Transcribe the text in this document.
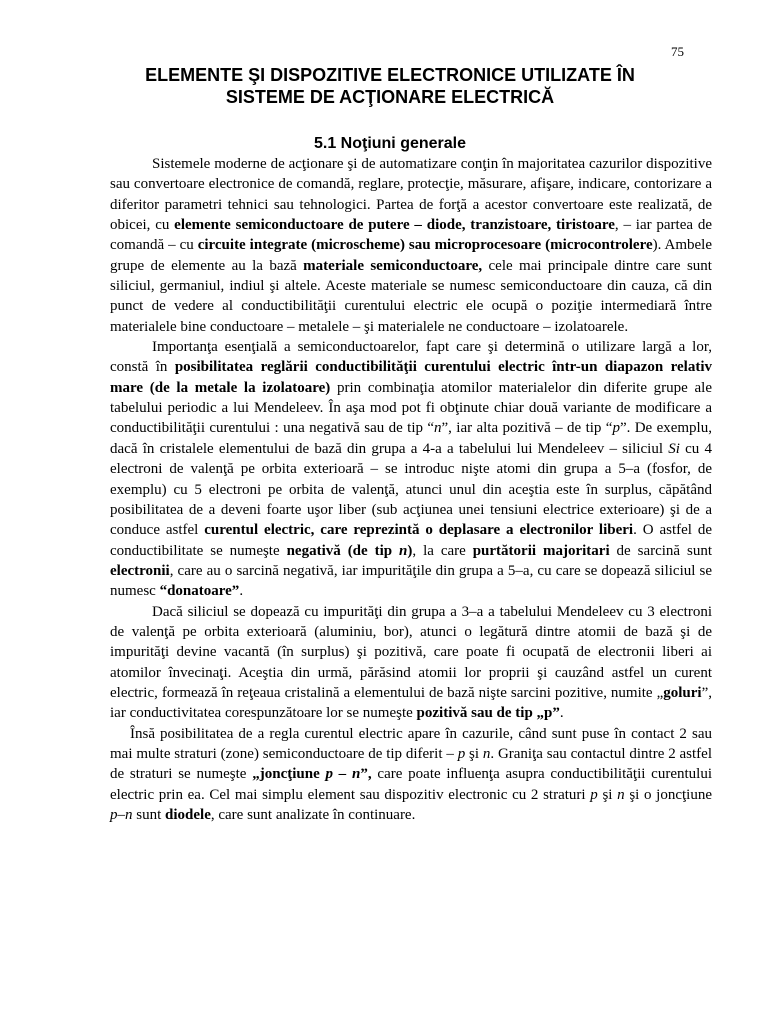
75
ELEMENTE ŞI DISPOZITIVE ELECTRONICE UTILIZATE ÎN
SISTEME DE ACŢIONARE ELECTRICĂ
5.1 Noţiuni generale

Sistemele moderne de acţionare şi de automatizare conţin în majoritatea cazurilor dispozitive sau convertoare electronice de comandă, reglare, protecţie, măsurare, afişare, indicare, contorizare a diferitor parametri tehnici sau tehnologici. Partea de forţă a acestor convertoare este realizată, de obicei, cu elemente semiconductoare de putere – diode, tranzistoare, tiristoare, – iar partea de comandă – cu circuite integrate (microscheme) sau microprocesoare (microcontrolere). Ambele grupe de elemente au la bază materiale semiconductoare, cele mai principale dintre care sunt siliciul, germaniul, indiul şi altele. Aceste materiale se numesc semiconductoare din cauza, că din punct de vedere al conductibilităţii curentului electric ele ocupă o poziţie intermediară între materialele bine conductoare – metalele – şi materialele ne conductoare – izolatoarele.

Importanţa esenţială a semiconductoarelor, fapt care şi determină o utilizare largă a lor, constă în posibilitatea reglării conductibilităţii curentului electric într-un diapazon relativ mare (de la metale la izolatoare) prin combinaţia atomilor materialelor din diferite grupe ale tabelului periodic a lui Mendeleev. În aşa mod pot fi obţinute chiar două variante de modificare a conductibilităţii curentului : una negativă sau de tip “n”, iar alta pozitivă – de tip “p”. De exemplu, dacă în cristalele elementului de bază din grupa a 4-a a tabelului lui Mendeleev – siliciul Si cu 4 electroni de valenţă pe orbita exterioară – se introduc nişte atomi din grupa a 5–a (fosfor, de exemplu) cu 5 electroni pe orbita de valenţă, atunci unul din aceştia este în surplus, căpătând posibilitatea de a deveni foarte uşor liber (sub acţiunea unei tensiuni electrice exterioare) şi de a conduce astfel curentul electric, care reprezintă o deplasare a electronilor liberi. O astfel de conductibilitate se numeşte negativă (de tip n), la care purtătorii majoritari de sarcină sunt electronii, care au o sarcină negativă, iar impurităţile din grupa a 5–a, cu care se dopează siliciul se numesc “donatoare”.

Dacă siliciul se dopează cu impurităţi din grupa a 3–a a tabelului Mendeleev cu 3 electroni de valenţă pe orbita exterioară (aluminiu, bor), atunci o legătură dintre atomii de bază şi de impurităţi devine vacantă (în surplus) şi pozitivă, care poate fi ocupată de electronii liberi ai atomilor învecinaţi. Aceştia din urmă, părăsind atomii lor proprii şi cauzând astfel un curent electric, formează în reţeaua cristalină a elementului de bază nişte sarcini pozitive, numite „goluri”, iar conductivitatea corespunzătoare lor se numeşte pozitivă sau de tip „p”.

Însă posibilitatea de a regla curentul electric apare în cazurile, când sunt puse în contact 2 sau mai multe straturi (zone) semiconductoare de tip diferit – p şi n. Graniţa sau contactul dintre 2 astfel de straturi se numeşte „joncţiune p – n”, care poate influenţa asupra conductibilităţii curentului electric prin ea. Cel mai simplu element sau dispozitiv electronic cu 2 straturi p şi n şi o joncţiune p–n sunt diodele, care sunt analizate în continuare.
